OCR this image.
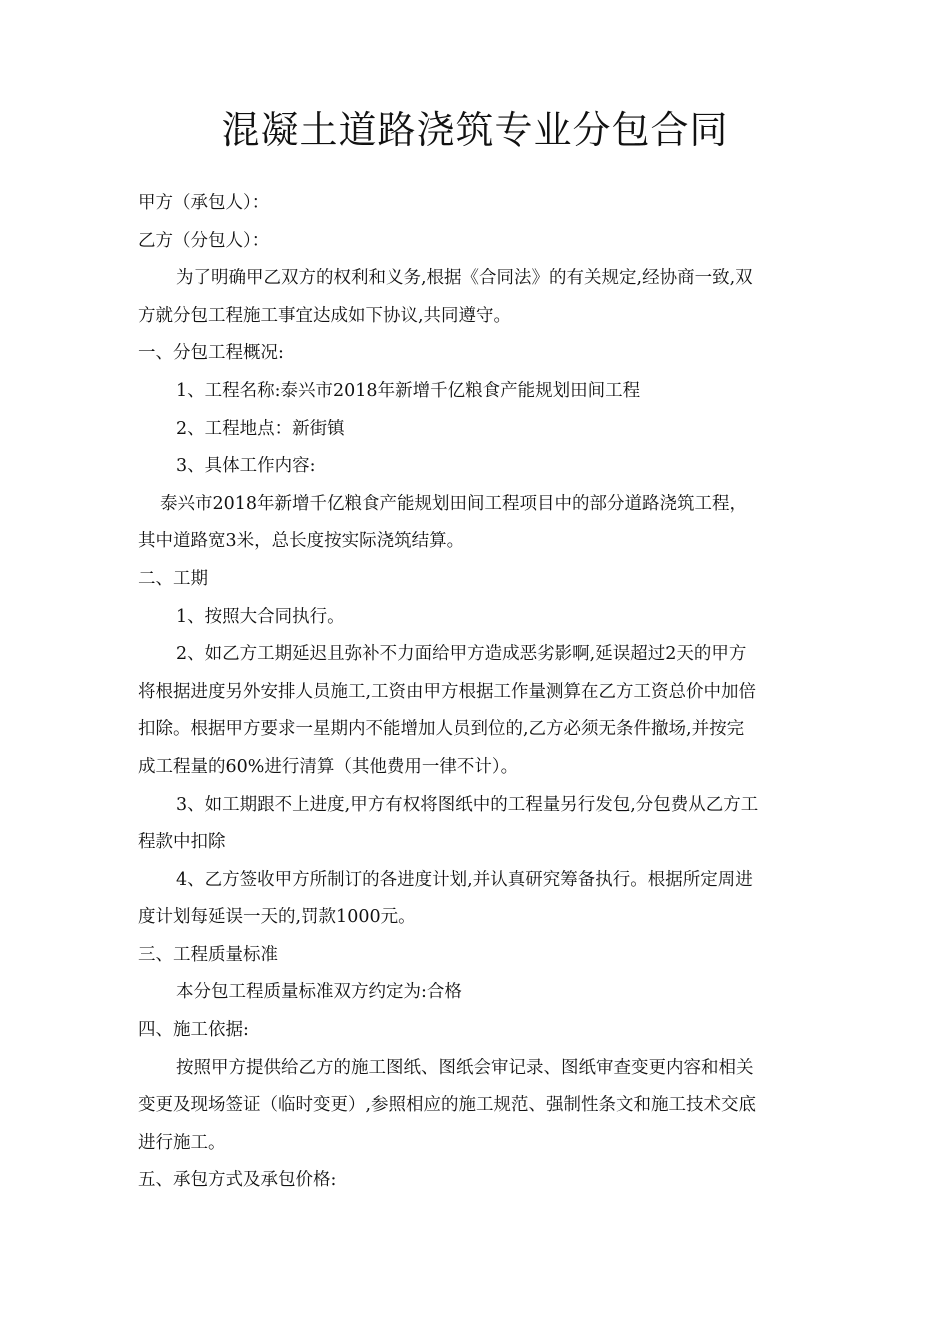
混凝土道路浇筑专业分包合同
甲方（承包人）：
乙方（分包人）：
为了明确甲乙双方的权利和义务,根据《合同法》的有关规定,经协商一致,双
方就分包工程施工事宜达成如下协议,共同遵守。
一、分包工程概况:
1、工程名称:泰兴市2018年新增千亿粮食产能规划田间工程
2、工程地点：新街镇
3、具体工作内容:
泰兴市2018年新增千亿粮食产能规划田间工程项目中的部分道路浇筑工程，
其中道路宽3米，总长度按实际浇筑结算。
二、工期
1、按照大合同执行。
2、如乙方工期延迟且弥补不力面给甲方造成恶劣影啊,延误超过2天的甲方
将根据进度另外安排人员施工,工资由甲方根据工作量测算在乙方工资总价中加倍
扣除。根据甲方要求一星期内不能增加人员到位的,乙方必须无条件撤场,并按完
成工程量的60%进行清算（其他费用一律不计）。
3、如工期跟不上进度,甲方有权将图纸中的工程量另行发包,分包费从乙方工
程款中扣除
4、乙方签收甲方所制订的各进度计划,并认真研究筹备执行。根据所定周进
度计划每延误一天的,罚款1000元。
三、工程质量标准
本分包工程质量标准双方约定为:合格
四、施工依据:
按照甲方提供给乙方的施工图纸、图纸会审记录、图纸审查变更内容和相关
变更及现场签证（临时变更）,参照相应的施工规范、强制性条文和施工技术交底
进行施工。
五、承包方式及承包价格:
